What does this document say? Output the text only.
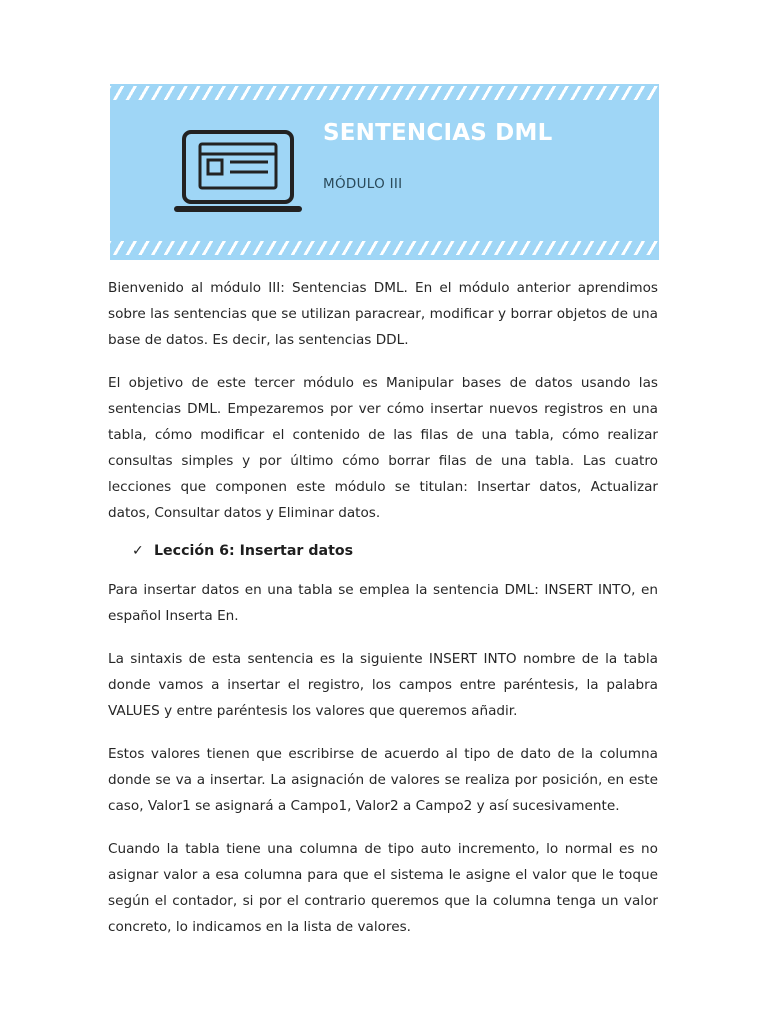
SENTENCIAS DML
MÓDULO III

Bienvenido al módulo III: Sentencias DML. En el módulo anterior aprendimos sobre las sentencias que se utilizan paracrear, modificar y borrar objetos de una base de datos. Es decir, las sentencias DDL.

El objetivo de este tercer módulo es Manipular bases de datos usando las sentencias DML. Empezaremos por ver cómo insertar nuevos registros en una tabla, cómo modificar el contenido de las filas de una tabla, cómo realizar consultas simples y por último cómo borrar filas de una tabla. Las cuatro lecciones que componen este módulo se titulan: Insertar datos, Actualizar datos, Consultar datos y Eliminar datos.

✓ Lección 6: Insertar datos

Para insertar datos en una tabla se emplea la sentencia DML: INSERT INTO, en español Inserta En.

La sintaxis de esta sentencia es la siguiente INSERT INTO nombre de la tabla donde vamos a insertar el registro, los campos entre paréntesis, la palabra VALUES y entre paréntesis los valores que queremos añadir.

Estos valores tienen que escribirse de acuerdo al tipo de dato de la columna donde se va a insertar. La asignación de valores se realiza por posición, en este caso, Valor1 se asignará a Campo1, Valor2 a Campo2 y así sucesivamente.

Cuando la tabla tiene una columna de tipo auto incremento, lo normal es no asignar valor a esa columna para que el sistema le asigne el valor que le toque según el contador, si por el contrario queremos que la columna tenga un valor concreto, lo indicamos en la lista de valores.
